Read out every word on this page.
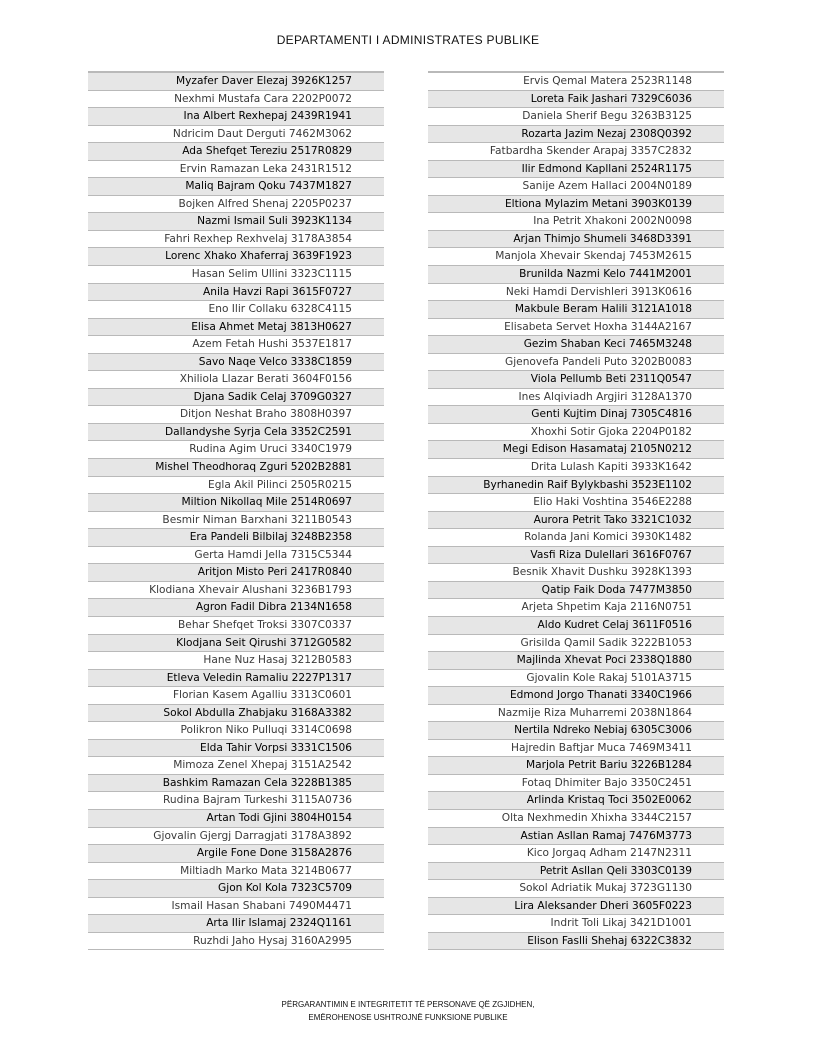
DEPARTAMENTI I ADMINISTRATES PUBLIKE
Myzafer Daver Elezaj 3926K1257
Nexhmi Mustafa Cara 2202P0072
Ina Albert Rexhepaj 2439R1941
Ndricim Daut Derguti 7462M3062
Ada Shefqet Tereziu 2517R0829
Ervin Ramazan Leka 2431R1512
Maliq Bajram Qoku 7437M1827
Bojken Alfred Shenaj 2205P0237
Nazmi Ismail Suli 3923K1134
Fahri Rexhep Rexhvelaj 3178A3854
Lorenc Xhako Xhaferraj 3639F1923
Hasan Selim Ullini 3323C1115
Anila Havzi Rapi 3615F0727
Eno Ilir Collaku 6328C4115
Elisa Ahmet Metaj 3813H0627
Azem Fetah Hushi 3537E1817
Savo Naqe Velco 3338C1859
Xhiliola Llazar Berati 3604F0156
Djana Sadik Celaj 3709G0327
Ditjon Neshat Braho 3808H0397
Dallandyshe Syrja Cela 3352C2591
Rudina Agim Uruci 3340C1979
Mishel Theodhoraq Zguri 5202B2881
Egla Akil Pilinci 2505R0215
Miltion Nikollaq Mile 2514R0697
Besmir Niman Barxhani 3211B0543
Era Pandeli Bilbilaj 3248B2358
Gerta Hamdi Jella 7315C5344
Aritjon Misto Peri 2417R0840
Klodiana Xhevair Alushani 3236B1793
Agron Fadil Dibra 2134N1658
Behar Shefqet Troksi 3307C0337
Klodjana Seit Qirushi 3712G0582
Hane Nuz Hasaj 3212B0583
Etleva Veledin Ramaliu 2227P1317
Florian Kasem Agalliu 3313C0601
Sokol Abdulla Zhabjaku 3168A3382
Polikron Niko Pulluqi 3314C0698
Elda Tahir Vorpsi 3331C1506
Mimoza Zenel Xhepaj 3151A2542
Bashkim Ramazan Cela 3228B1385
Rudina Bajram Turkeshi 3115A0736
Artan Todi Gjini 3804H0154
Gjovalin Gjergj Darragjati 3178A3892
Argile Fone Done 3158A2876
Miltiadh Marko Mata 3214B0677
Gjon Kol Kola 7323C5709
Ismail Hasan Shabani 7490M4471
Arta Ilir Islamaj 2324Q1161
Ruzhdi Jaho Hysaj 3160A2995
Ervis Qemal Matera 2523R1148
Loreta Faik Jashari 7329C6036
Daniela Sherif Begu 3263B3125
Rozarta Jazim Nezaj 2308Q0392
Fatbardha Skender Arapaj 3357C2832
Ilir Edmond Kapllani 2524R1175
Sanije Azem Hallaci 2004N0189
Eltiona Mylazim Metani 3903K0139
Ina Petrit Xhakoni 2002N0098
Arjan Thimjo Shumeli 3468D3391
Manjola Xhevair Skendaj 7453M2615
Brunilda Nazmi Kelo 7441M2001
Neki Hamdi Dervishleri 3913K0616
Makbule Beram Halili 3121A1018
Elisabeta Servet Hoxha 3144A2167
Gezim Shaban Keci 7465M3248
Gjenovefa Pandeli Puto 3202B0083
Viola Pellumb Beti 2311Q0547
Ines Alqiviadh Argjiri 3128A1370
Genti Kujtim Dinaj 7305C4816
Xhoxhi Sotir Gjoka 2204P0182
Megi Edison Hasamataj 2105N0212
Drita Lulash Kapiti 3933K1642
Byrhanedin Raif Bylykbashi 3523E1102
Elio Haki Voshtina 3546E2288
Aurora Petrit Tako 3321C1032
Rolanda Jani Komici 3930K1482
Vasfi Riza Dulellari 3616F0767
Besnik Xhavit Dushku 3928K1393
Qatip Faik Doda 7477M3850
Arjeta Shpetim Kaja 2116N0751
Aldo Kudret Celaj 3611F0516
Grisilda Qamil Sadik 3222B1053
Majlinda Xhevat Poci 2338Q1880
Gjovalin Kole Rakaj 5101A3715
Edmond Jorgo Thanati 3340C1966
Nazmije Riza Muharremi 2038N1864
Nertila Ndreko Nebiaj 6305C3006
Hajredin Baftjar Muca 7469M3411
Marjola Petrit Bariu 3226B1284
Fotaq Dhimiter Bajo 3350C2451
Arlinda Kristaq Toci 3502E0062
Olta Nexhmedin Xhixha 3344C2157
Astian Asllan Ramaj 7476M3773
Kico Jorgaq Adham 2147N2311
Petrit Asllan Qeli 3303C0139
Sokol Adriatik Mukaj 3723G1130
Lira Aleksander Dheri 3605F0223
Indrit Toli Likaj 3421D1001
Elison Faslli Shehaj 6322C3832
PËRGARANTIMIN E INTEGRITETIT TË PERSONAVE QË ZGJIDHEN,
EMËROHENOSE USHTROJNË FUNKSIONE PUBLIKE
